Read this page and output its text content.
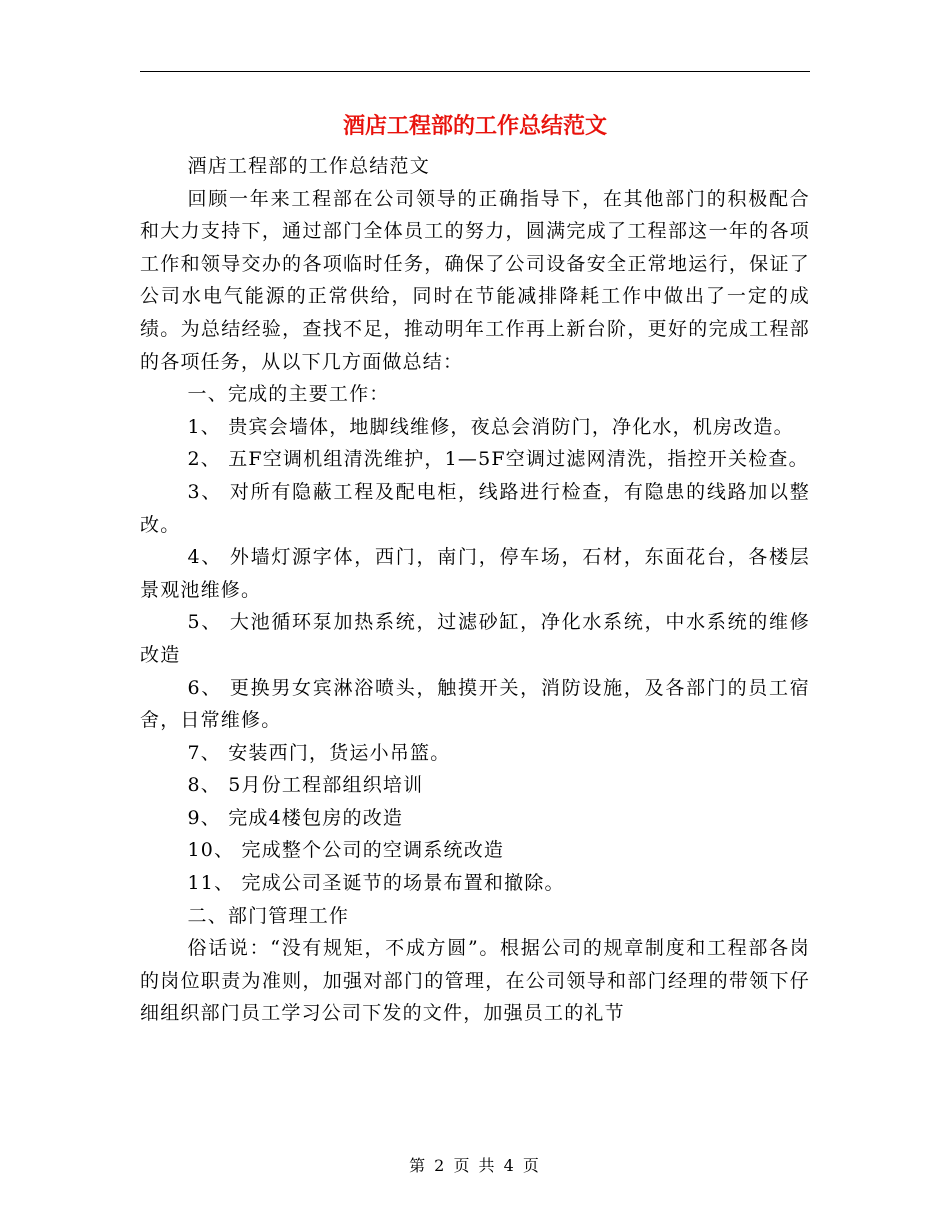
酒店工程部的工作总结范文

酒店工程部的工作总结范文

回顾一年来工程部在公司领导的正确指导下，在其他部门的积极配合和大力支持下，通过部门全体员工的努力，圆满完成了工程部这一年的各项工作和领导交办的各项临时任务，确保了公司设备安全正常地运行，保证了公司水电气能源的正常供给，同时在节能减排降耗工作中做出了一定的成绩。为总结经验，查找不足，推动明年工作再上新台阶，更好的完成工程部的各项任务，从以下几方面做总结：

一、完成的主要工作：

1、 贵宾会墙体，地脚线维修，夜总会消防门，净化水，机房改造。

2、 五F空调机组清洗维护，1—5F空调过滤网清洗，指控开关检查。

3、 对所有隐蔽工程及配电柜，线路进行检查，有隐患的线路加以整改。

4、 外墙灯源字体，西门，南门，停车场，石材，东面花台，各楼层景观池维修。

5、 大池循环泵加热系统，过滤砂缸，净化水系统，中水系统的维修改造

6、 更换男女宾淋浴喷头，触摸开关，消防设施，及各部门的员工宿舍，日常维修。

7、 安装西门，货运小吊篮。

8、 5月份工程部组织培训

9、 完成4楼包房的改造

10、 完成整个公司的空调系统改造

11、 完成公司圣诞节的场景布置和撤除。

二、部门管理工作

俗话说：“没有规矩，不成方圆”。根据公司的规章制度和工程部各岗的岗位职责为准则，加强对部门的管理，在公司领导和部门经理的带领下仔细组织部门员工学习公司下发的文件，加强员工的礼节

第 2 页 共 4 页
